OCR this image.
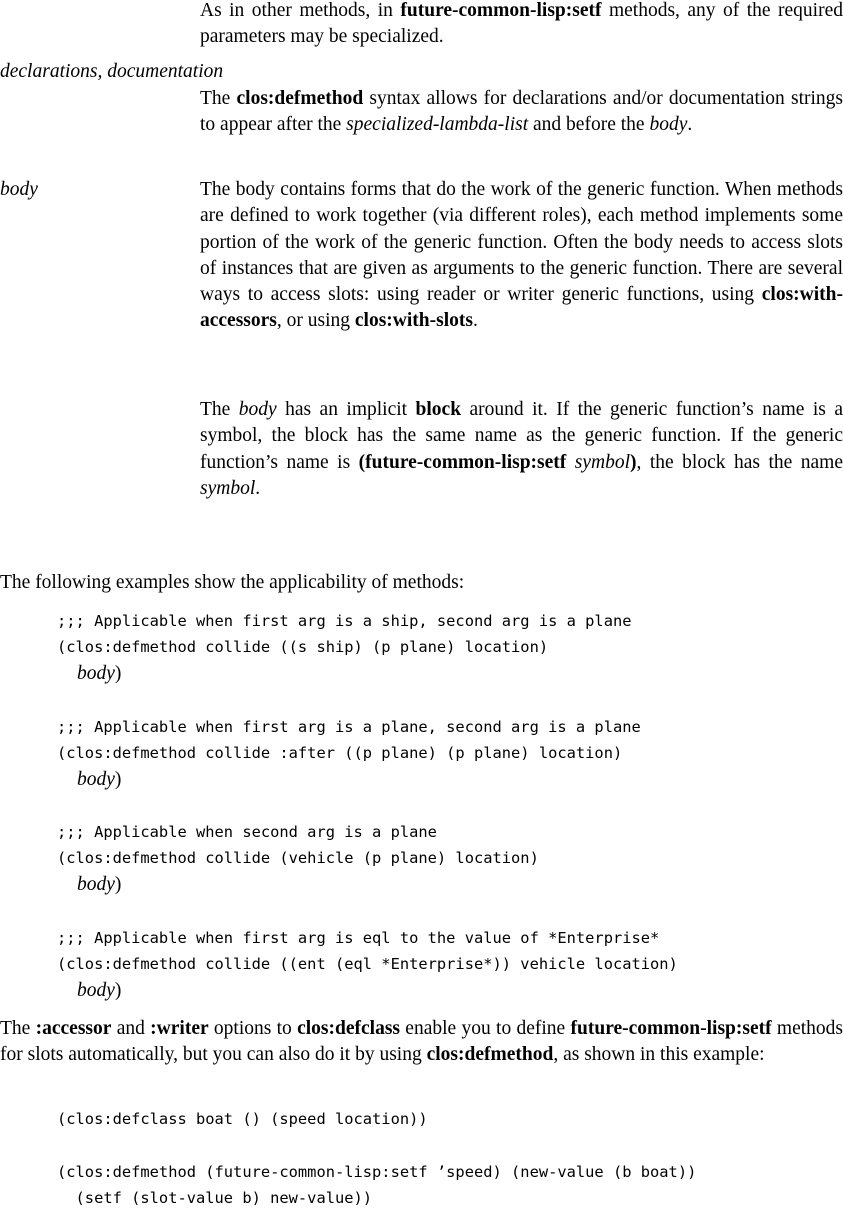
As in other methods, in future-common-lisp:setf methods, any of the required parameters may be specialized.

declarations, documentation

The clos:defmethod syntax allows for declarations and/or documentation strings to appear after the specialized-lambda-list and before the body.

body	The body contains forms that do the work of the generic function. When methods are defined to work together (via different roles), each method implements some portion of the work of the generic function. Often the body needs to access slots of instances that are given as arguments to the generic function. There are several ways to access slots: using reader or writer generic functions, using clos:with-accessors, or using clos:with-slots.

The body has an implicit block around it. If the generic function’s name is a symbol, the block has the same name as the generic function. If the generic function’s name is (future-common-lisp:setf symbol), the block has the name symbol.

The following examples show the applicability of methods:

;;; Applicable when first arg is a ship, second arg is a plane
(clos:defmethod collide ((s ship) (p plane) location)
body)
;;; Applicable when first arg is a plane, second arg is a plane
(clos:defmethod collide :after ((p plane) (p plane) location)
body)
;;; Applicable when second arg is a plane
(clos:defmethod collide (vehicle (p plane) location)
body)
;;; Applicable when first arg is eql to the value of *Enterprise*
(clos:defmethod collide ((ent (eql *Enterprise*)) vehicle location)
body)

The :accessor and :writer options to clos:defclass enable you to define future-common-lisp:setf methods for slots automatically, but you can also do it by using clos:defmethod, as shown in this example:

(clos:defclass boat () (speed location))

(clos:defmethod (future-common-lisp:setf ’speed) (new-value (b boat))
(setf (slot-value b) new-value))
